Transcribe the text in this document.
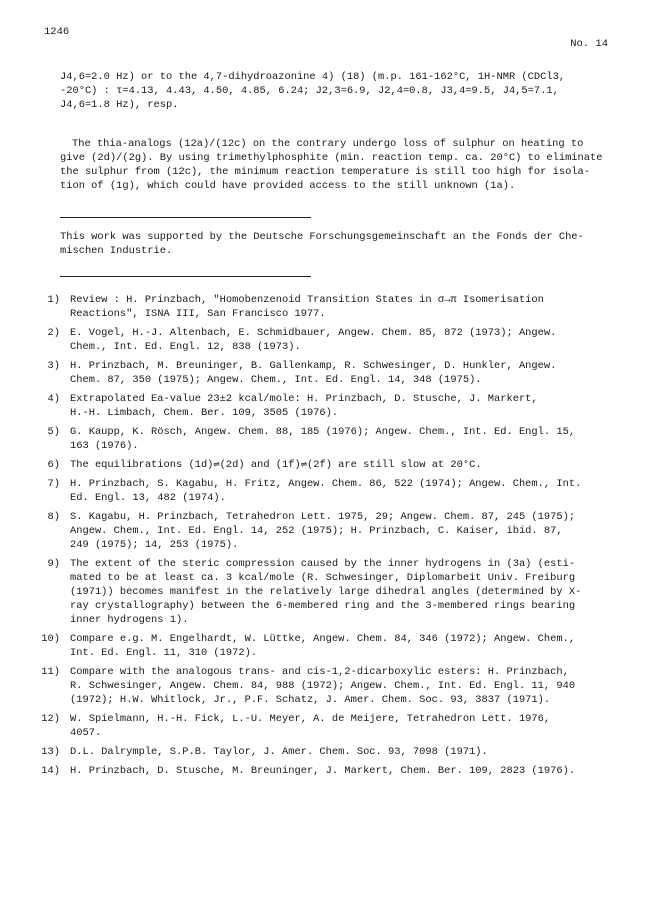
1246
No. 14
J4,6=2.0 Hz) or to the 4,7-dihydroazonine 4) (18) (m.p. 161-162°C, 1H-NMR (CDCl3,
-20°C) : τ=4.13, 4.43, 4.50, 4.85, 6.24; J2,3=6.9, J2,4=0.8, J3,4=9.5, J4,5=7.1,
J4,6=1.8 Hz), resp.
The thia-analogs (12a)/(12c) on the contrary undergo loss of sulphur on heating to
give (2d)/(2g). By using trimethylphosphite (min. reaction temp. ca. 20°C) to eliminate
the sulphur from (12c), the minimum reaction temperature is still too high for isola-
tion of (1g), which could have provided access to the still unknown (1a).
This work was supported by the Deutsche Forschungsgemeinschaft an the Fonds der Che-
mischen Industrie.
1) Review : H. Prinzbach, "Homobenzenoid Transition States in σ→π Isomerisation
Reactions", ISNA III, San Francisco 1977.
2) E. Vogel, H.-J. Altenbach, E. Schmidbauer, Angew. Chem. 85, 872 (1973); Angew.
Chem., Int. Ed. Engl. 12, 838 (1973).
3) H. Prinzbach, M. Breuninger, B. Gallenkamp, R. Schwesinger, D. Hunkler, Angew.
Chem. 87, 350 (1975); Angew. Chem., Int. Ed. Engl. 14, 348 (1975).
4) Extrapolated Ea-value 23±2 kcal/mole: H. Prinzbach, D. Stusche, J. Markert,
H.-H. Limbach, Chem. Ber. 109, 3505 (1976).
5) G. Kaupp, K. Rösch, Angew. Chem. 88, 185 (1976); Angew. Chem., Int. Ed. Engl. 15,
163 (1976).
6) The equilibrations (1d)⇌(2d) and (1f)⇌(2f) are still slow at 20°C.
7) H. Prinzbach, S. Kagabu, H. Fritz, Angew. Chem. 86, 522 (1974); Angew. Chem., Int.
Ed. Engl. 13, 482 (1974).
8) S. Kagabu, H. Prinzbach, Tetrahedron Lett. 1975, 29; Angew. Chem. 87, 245 (1975);
Angew. Chem., Int. Ed. Engl. 14, 252 (1975); H. Prinzbach, C. Kaiser, ibid. 87,
249 (1975); 14, 253 (1975).
9) The extent of the steric compression caused by the inner hydrogens in (3a) (esti-
mated to be at least ca. 3 kcal/mole (R. Schwesinger, Diplomarbeit Univ. Freiburg
(1971)) becomes manifest in the relatively large dihedral angles (determined by X-
ray crystallography) between the 6-membered ring and the 3-membered rings bearing
inner hydrogens 1).
10) Compare e.g. M. Engelhardt, W. Lüttke, Angew. Chem. 84, 346 (1972); Angew. Chem.,
Int. Ed. Engl. 11, 310 (1972).
11) Compare with the analogous trans- and cis-1,2-dicarboxylic esters: H. Prinzbach,
R. Schwesinger, Angew. Chem. 84, 988 (1972); Angew. Chem., Int. Ed. Engl. 11, 940
(1972); H.W. Whitlock, Jr., P.F. Schatz, J. Amer. Chem. Soc. 93, 3837 (1971).
12) W. Spielmann, H.-H. Fick, L.-U. Meyer, A. de Meijere, Tetrahedron Lett. 1976,
4057.
13) D.L. Dalrymple, S.P.B. Taylor, J. Amer. Chem. Soc. 93, 7098 (1971).
14) H. Prinzbach, D. Stusche, M. Breuninger, J. Markert, Chem. Ber. 109, 2823 (1976).
